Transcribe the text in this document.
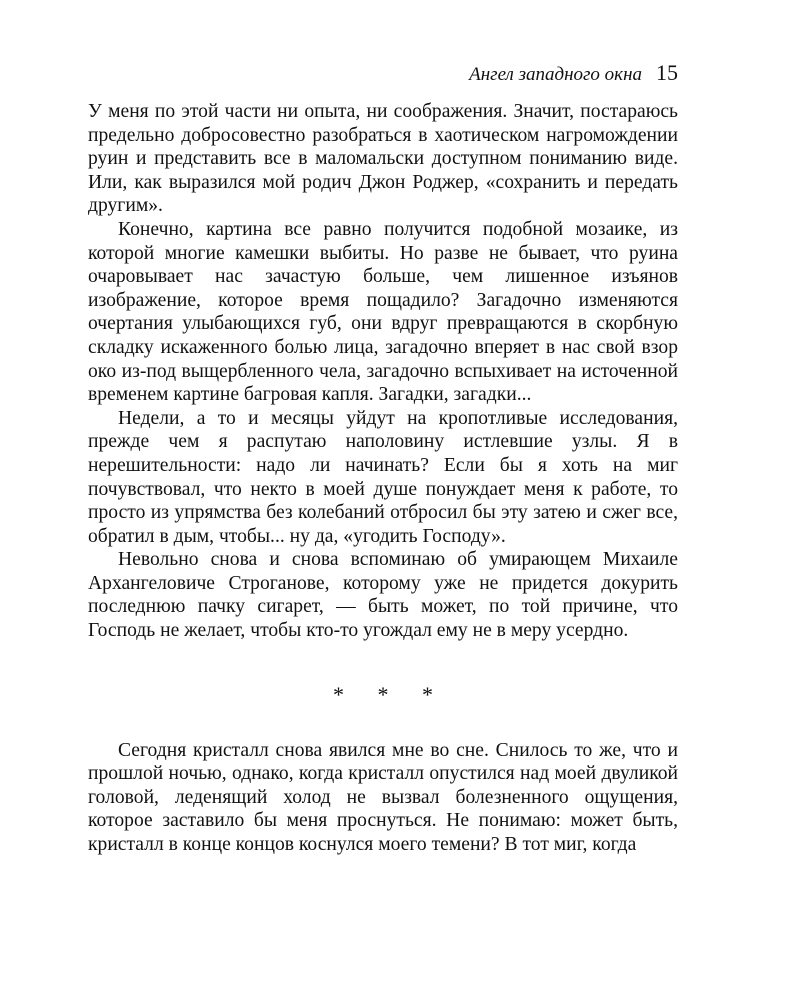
Ангел западного окна 15

У меня по этой части ни опыта, ни соображения. Значит, постараюсь предельно добросовестно разобраться в хаотическом нагромождении руин и представить все в маломальски доступном пониманию виде. Или, как выразился мой родич Джон Роджер, «сохранить и передать другим».

Конечно, картина все равно получится подобной мозаике, из которой многие камешки выбиты. Но разве не бывает, что руина очаровывает нас зачастую больше, чем лишенное изъянов изображение, которое время пощадило? Загадочно изменяются очертания улыбающихся губ, они вдруг превращаются в скорбную складку искаженного болью лица, загадочно вперяет в нас свой взор око из-под выщербленного чела, загадочно вспыхивает на источенной временем картине багровая капля. Загадки, загадки...

Недели, а то и месяцы уйдут на кропотливые исследования, прежде чем я распутаю наполовину истлевшие узлы. Я в нерешительности: надо ли начинать? Если бы я хоть на миг почувствовал, что некто в моей душе понуждает меня к работе, то просто из упрямства без колебаний отбросил бы эту затею и сжег все, обратил в дым, чтобы... ну да, «угодить Господу».

Невольно снова и снова вспоминаю об умирающем Михаиле Архангеловиче Строганове, которому уже не придется докурить последнюю пачку сигарет, — быть может, по той причине, что Господь не желает, чтобы кто-то угождал ему не в меру усердно.

* * *

Сегодня кристалл снова явился мне во сне. Снилось то же, что и прошлой ночью, однако, когда кристалл опустился над моей двуликой головой, леденящий холод не вызвал болезненного ощущения, которое заставило бы меня проснуться. Не понимаю: может быть, кристалл в конце концов коснулся моего темени? В тот миг, когда
